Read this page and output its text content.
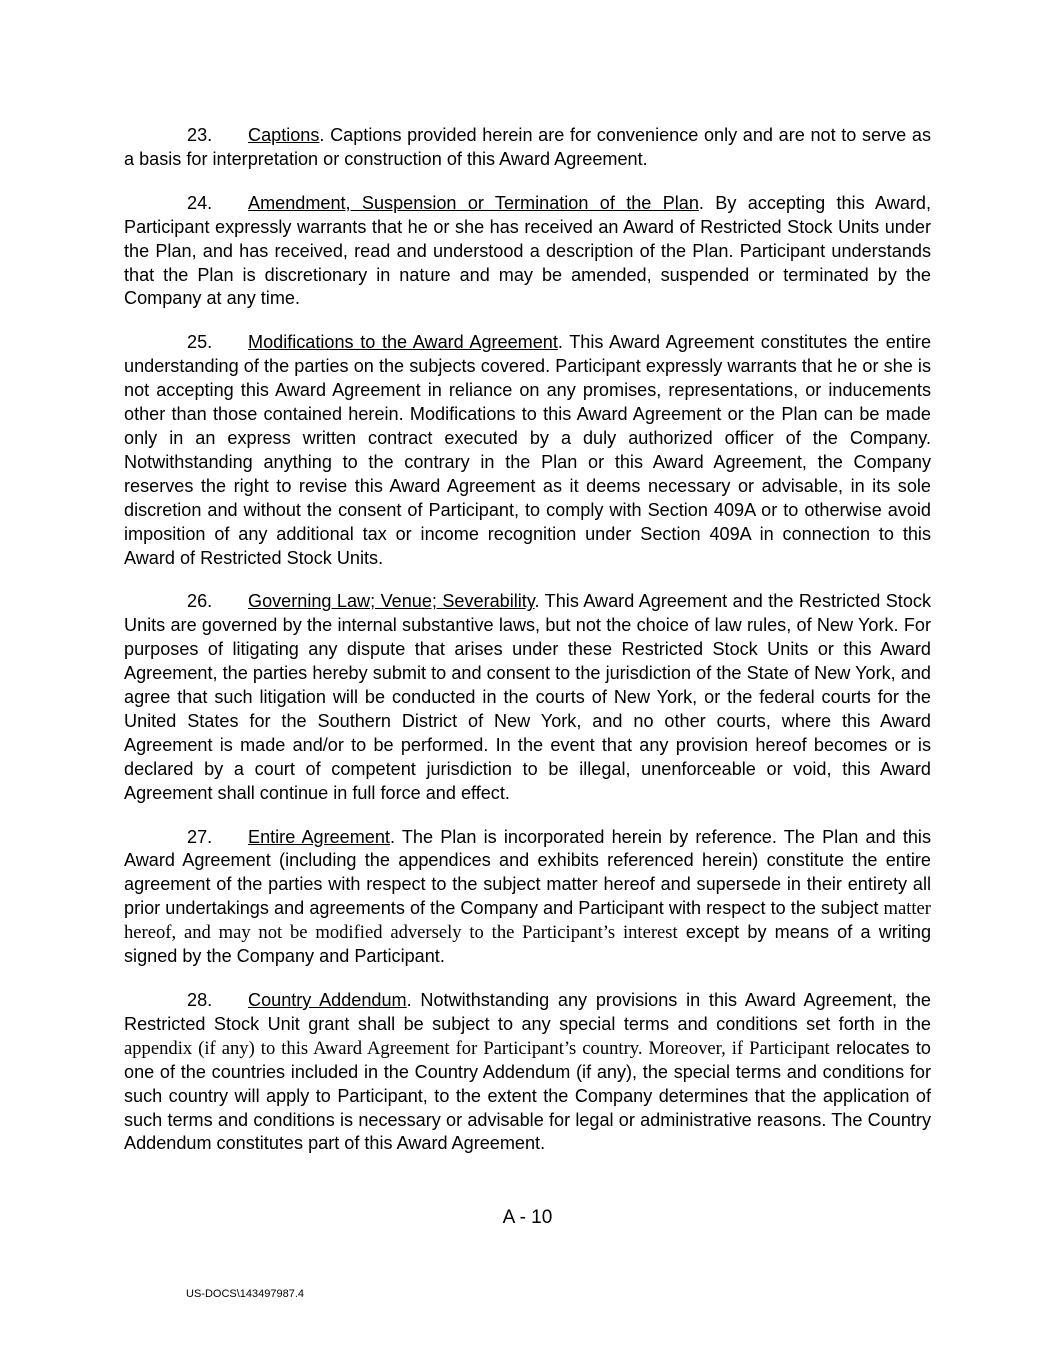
23. Captions. Captions provided herein are for convenience only and are not to serve as a basis for interpretation or construction of this Award Agreement.

24. Amendment, Suspension or Termination of the Plan. By accepting this Award, Participant expressly warrants that he or she has received an Award of Restricted Stock Units under the Plan, and has received, read and understood a description of the Plan. Participant understands that the Plan is discretionary in nature and may be amended, suspended or terminated by the Company at any time.

25. Modifications to the Award Agreement. This Award Agreement constitutes the entire understanding of the parties on the subjects covered. Participant expressly warrants that he or she is not accepting this Award Agreement in reliance on any promises, representations, or inducements other than those contained herein. Modifications to this Award Agreement or the Plan can be made only in an express written contract executed by a duly authorized officer of the Company. Notwithstanding anything to the contrary in the Plan or this Award Agreement, the Company reserves the right to revise this Award Agreement as it deems necessary or advisable, in its sole discretion and without the consent of Participant, to comply with Section 409A or to otherwise avoid imposition of any additional tax or income recognition under Section 409A in connection to this Award of Restricted Stock Units.

26. Governing Law; Venue; Severability. This Award Agreement and the Restricted Stock Units are governed by the internal substantive laws, but not the choice of law rules, of New York. For purposes of litigating any dispute that arises under these Restricted Stock Units or this Award Agreement, the parties hereby submit to and consent to the jurisdiction of the State of New York, and agree that such litigation will be conducted in the courts of New York, or the federal courts for the United States for the Southern District of New York, and no other courts, where this Award Agreement is made and/or to be performed. In the event that any provision hereof becomes or is declared by a court of competent jurisdiction to be illegal, unenforceable or void, this Award Agreement shall continue in full force and effect.

27. Entire Agreement. The Plan is incorporated herein by reference. The Plan and this Award Agreement (including the appendices and exhibits referenced herein) constitute the entire agreement of the parties with respect to the subject matter hereof and supersede in their entirety all prior undertakings and agreements of the Company and Participant with respect to the subject matter hereof, and may not be modified adversely to the Participant’s interest except by means of a writing signed by the Company and Participant.

28. Country Addendum. Notwithstanding any provisions in this Award Agreement, the Restricted Stock Unit grant shall be subject to any special terms and conditions set forth in the appendix (if any) to this Award Agreement for Participant’s country. Moreover, if Participant relocates to one of the countries included in the Country Addendum (if any), the special terms and conditions for such country will apply to Participant, to the extent the Company determines that the application of such terms and conditions is necessary or advisable for legal or administrative reasons. The Country Addendum constitutes part of this Award Agreement.

A - 10
US-DOCS\143497987.4
